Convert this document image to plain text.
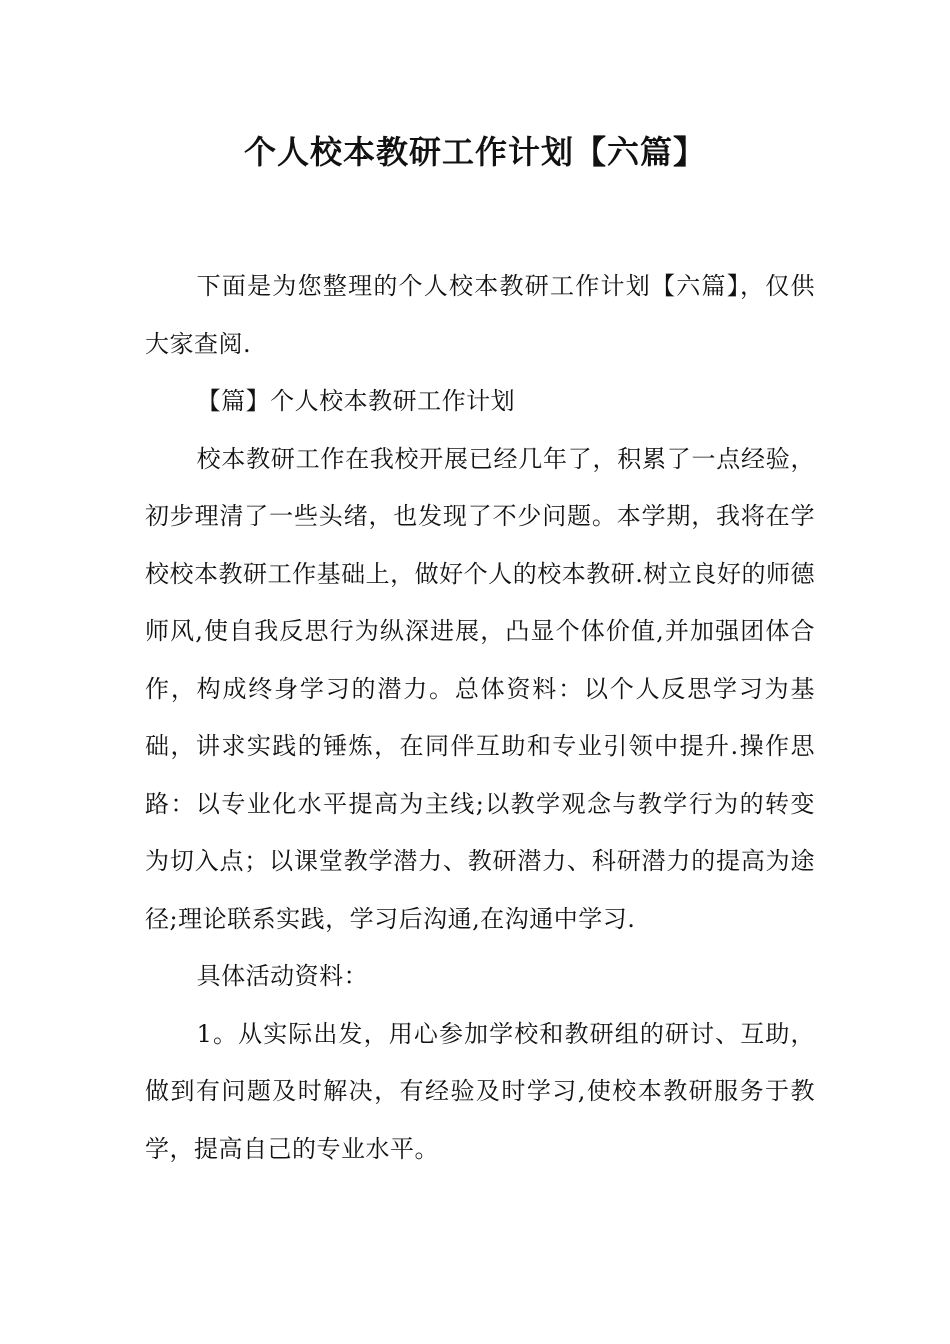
个人校本教研工作计划【六篇】

下面是为您整理的个人校本教研工作计划【六篇】，仅供大家查阅.

【篇】个人校本教研工作计划

校本教研工作在我校开展已经几年了，积累了一点经验，初步理清了一些头绪，也发现了不少问题。本学期，我将在学校校本教研工作基础上，做好个人的校本教研.树立良好的师德师风,使自我反思行为纵深进展，凸显个体价值,并加强团体合作，构成终身学习的潜力。总体资料：以个人反思学习为基础，讲求实践的锤炼，在同伴互助和专业引领中提升.操作思路：以专业化水平提高为主线;以教学观念与教学行为的转变为切入点；以课堂教学潜力、教研潜力、科研潜力的提高为途径;理论联系实践，学习后沟通,在沟通中学习.

具体活动资料：

1。从实际出发，用心参加学校和教研组的研讨、互助，做到有问题及时解决，有经验及时学习,使校本教研服务于教学，提高自己的专业水平。
